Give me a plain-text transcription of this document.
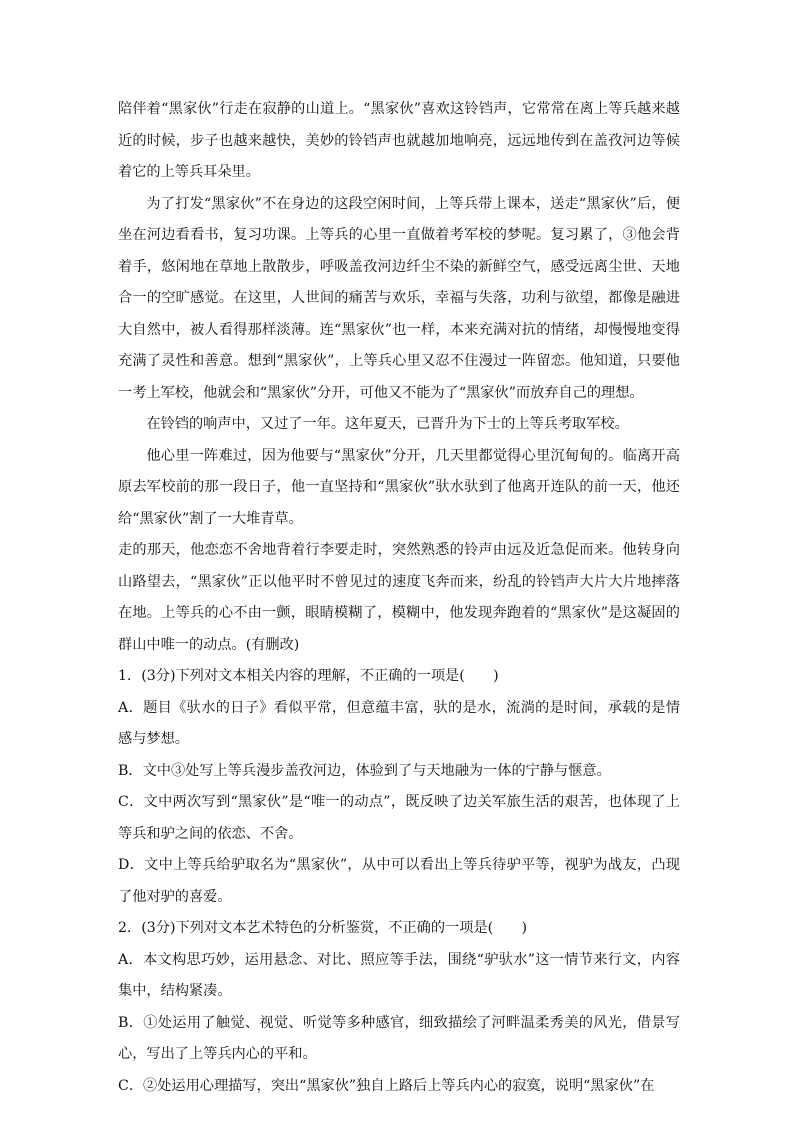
陪伴着“黑家伙”行走在寂静的山道上。“黑家伙”喜欢这铃铛声，它常常在离上等兵越来越近的时候，步子也越来越快，美妙的铃铛声也就越加地响亮，远远地传到在盖孜河边等候着它的上等兵耳朵里。

为了打发“黑家伙”不在身边的这段空闲时间，上等兵带上课本，送走“黑家伙”后，便坐在河边看看书，复习功课。上等兵的心里一直做着考军校的梦呢。复习累了，③他会背着手，悠闲地在草地上散散步，呼吸盖孜河边纤尘不染的新鲜空气，感受远离尘世、天地合一的空旷感觉。在这里，人世间的痛苦与欢乐，幸福与失落，功利与欲望，都像是融进大自然中，被人看得那样淡薄。连“黑家伙”也一样，本来充满对抗的情绪，却慢慢地变得充满了灵性和善意。想到“黑家伙”，上等兵心里又忍不住漫过一阵留恋。他知道，只要他一考上军校，他就会和“黑家伙”分开，可他又不能为了“黑家伙”而放弃自己的理想。

在铃铛的响声中，又过了一年。这年夏天，已晋升为下士的上等兵考取军校。

他心里一阵难过，因为他要与“黑家伙”分开，几天里都觉得心里沉甸甸的。临离开高原去军校前的那一段日子，他一直坚持和“黑家伙”驮水驮到了他离开连队的前一天，他还给“黑家伙”割了一大堆青草。

走的那天，他恋恋不舍地背着行李要走时，突然熟悉的铃声由远及近急促而来。他转身向山路望去，“黑家伙”正以他平时不曾见过的速度飞奔而来，纷乱的铃铛声大片大片地摔落在地。上等兵的心不由一颤，眼睛模糊了，模糊中，他发现奔跑着的“黑家伙”是这凝固的群山中唯一的动点。(有删改)

1．(3分)下列对文本相关内容的理解，不正确的一项是(　　)

A．题目《驮水的日子》看似平常，但意蕴丰富，驮的是水，流淌的是时间，承载的是情感与梦想。

B．文中③处写上等兵漫步盖孜河边，体验到了与天地融为一体的宁静与惬意。

C．文中两次写到“黑家伙”是“唯一的动点”，既反映了边关军旅生活的艰苦，也体现了上等兵和驴之间的依恋、不舍。

D．文中上等兵给驴取名为“黑家伙”，从中可以看出上等兵待驴平等，视驴为战友，凸现了他对驴的喜爱。

2．(3分)下列对文本艺术特色的分析鉴赏，不正确的一项是(　　)

A．本文构思巧妙，运用悬念、对比、照应等手法，围绕“驴驮水”这一情节来行文，内容集中，结构紧凑。

B．①处运用了触觉、视觉、听觉等多种感官，细致描绘了河畔温柔秀美的风光，借景写心，写出了上等兵内心的平和。

C．②处运用心理描写，突出“黑家伙”独自上路后上等兵内心的寂寞，说明“黑家伙”在
